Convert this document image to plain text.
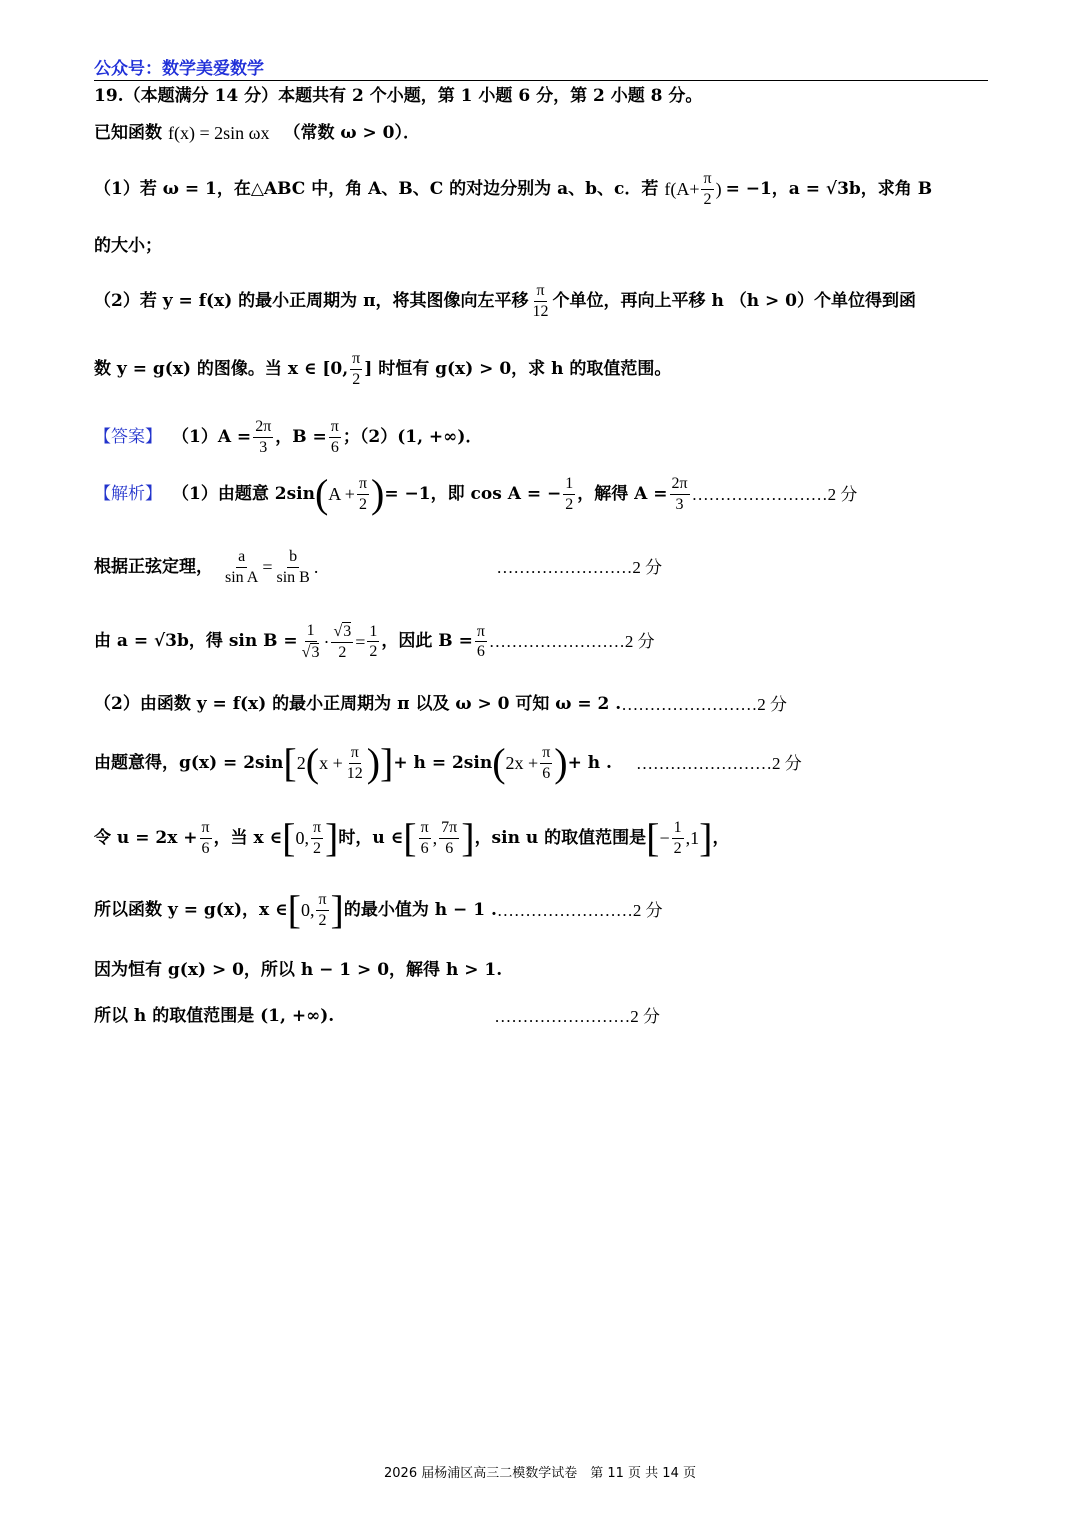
公众号：数学美爱数学
19.（本题满分 14 分）本题共有 2 个小题，第 1 小题 6 分，第 2 小题 8 分。
已知函数 f(x) = 2sin ωx （常数 ω > 0）．
（1）若 ω = 1，在△ABC 中，角 A、B、C 的对边分别为 a、b、c．若 $f(A+ \frac{\pi}{2}$ ) = −1，a = √3b，求角 B
的大小；
（2）若 y = f(x) 的最小正周期为 π，将其图像向左平移
π
12
个单位，再向上平移 h （h > 0）个单位得到函
数 y = g(x) 的图像。当 x ∈ [0,
π
2
] 时恒有 g(x) > 0，求 h 的取值范围。
【答案】 $(1)A = \frac{2\pi}{3}$ ，$B = \frac{\pi}{6}$ ；（2）(1, +∞)．
【解析】 （1）由题意 2sin ( $A + \frac{\pi}{2}$ ) = −1，即 cos A = − $\frac{1}{2}$ ，解得 $A = \frac{2\pi}{3}$ ……………………2 分
根据正弦定理， $\frac{a}{\text{sin A}} = \frac{b}{\text{sin B}}$ .	……………………2 分
由 a = √3b，得 $\sin B = \frac{1}{√3} \cdot \frac{√3}{2} = \frac{1}{2}$ ，因此 $B = \frac{\pi}{6}$ ……………………2 分
（2）由函数 y = f(x) 的最小正周期为 π 以及 ω > 0 可知 ω = 2 . ……………………2 分
由题意得，g(x) = 2sin [ 2 ( $x + \frac{\pi}{12}$ )] + h = 2sin ( $2x + \frac{\pi}{6}$ ) + h . ……………………2 分
令 $u = 2x + \frac{\pi}{6}$ ，当 x ∈ [ 0,
π
2 ] 时，u ∈ [ π
6 ,
7π
6 ] ，sin u 的取值范围是 [ − $\frac{1}{2} ,1$ ] ，
所以函数 y = g(x)，x ∈ [ 0,
π
2 ] 的最小值为 h − 1 . ……………………2 分
因为恒有 g(x) > 0，所以 h − 1 > 0，解得 h > 1.
所以 h 的取值范围是 (1, +∞).	……………………2 分
2026 届杨浦区高三二模数学试卷　第 11 页 共 14 页
